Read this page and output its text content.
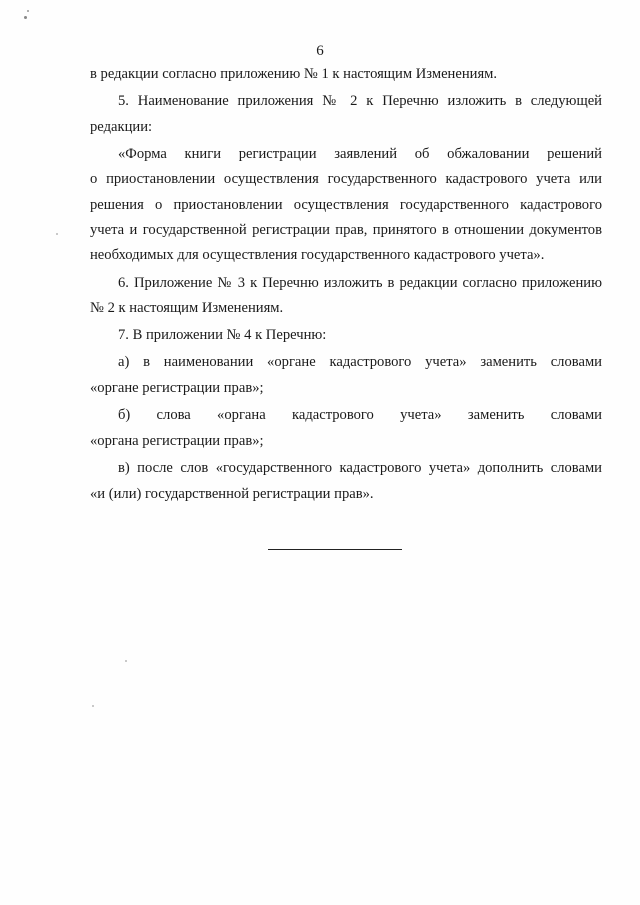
6
в редакции согласно приложению № 1 к настоящим Изменениям.
5. Наименование приложения № 2 к Перечню изложить в следующей
редакции:
«Форма книги регистрации заявлений об обжаловании решений
о приостановлении осуществления государственного кадастрового учета или
решения о приостановлении осуществления государственного кадастрового
учета и государственной регистрации прав, принятого в отношении документов
необходимых для осуществления государственного кадастрового учета».
6. Приложение № 3 к Перечню изложить в редакции согласно приложению
№ 2 к настоящим Изменениям.
7. В приложении № 4 к Перечню:
а) в наименовании «органе кадастрового учета» заменить словами
«органе регистрации прав»;
б) слова «органа кадастрового учета» заменить словами
«органа регистрации прав»;
в) после слов «государственного кадастрового учета» дополнить словами
«и (или) государственной регистрации прав».
